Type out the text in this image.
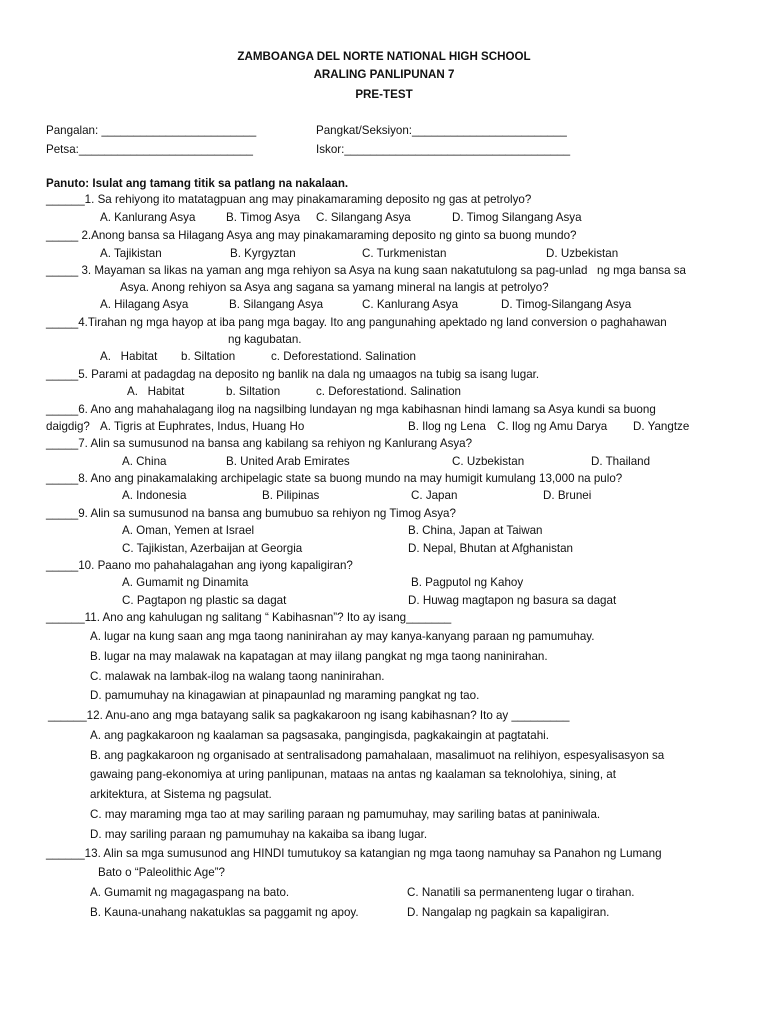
ZAMBOANGA DEL NORTE NATIONAL HIGH SCHOOL
ARALING PANLIPUNAN 7
PRE-TEST
Pangalan: ________________________	Pangkat/Seksiyon:________________________
Petsa:___________________________	Iskor:___________________________________
Panuto: Isulat ang tamang titik sa patlang na nakalaan.
______1. Sa rehiyong ito matatagpuan ang may pinakamaraming deposito ng gas at petrolyo?
A. Kanlurang Asya	B. Timog Asya C. Silangang Asya	D. Timog Silangang Asya
_____ 2.Anong bansa sa Hilagang Asya ang may pinakamaraming deposito ng ginto sa buong mundo?
A. Tajikistan	B. Kyrgyztan	C. Turkmenistan	D. Uzbekistan
_____ 3. Mayaman sa likas na yaman ang mga rehiyon sa Asya na kung saan nakatutulong sa pag-unlad   ng mga bansa sa
Asya. Anong rehiyon sa Asya ang sagana sa yamang mineral na langis at petrolyo?
A. Hilagang Asya	B. Silangang Asya	C. Kanlurang Asya	D. Timog-Silangang Asya
_____4.Tirahan ng mga hayop at iba pang mga bagay. Ito ang pangunahing apektado ng land conversion o paghahawan
ng kagubatan.
A.   Habitat b. Siltation	c. Deforestationd. Salination
_____5. Parami at padagdag na deposito ng banlik na dala ng umaagos na tubig sa isang lugar.
A.   Habitat	b. Siltation	c. Deforestationd. Salination
_____6. Ano ang mahahalagang ilog na nagsilbing lundayan ng mga kabihasnan hindi lamang sa Asya kundi sa buong
daigdig? A. Tigris at Euphrates, Indus, Huang Ho	B. Ilog ng Lena C. Ilog ng Amu Darya D. Yangtze
_____7. Alin sa sumusunod na bansa ang kabilang sa rehiyon ng Kanlurang Asya?
A. China	B. United Arab Emirates	C. Uzbekistan	D. Thailand
_____8. Ano ang pinakamalaking archipelagic state sa buong mundo na may humigit kumulang 13,000 na pulo?
A. Indonesia	B. Pilipinas	C. Japan	D. Brunei
_____9. Alin sa sumusunod na bansa ang bumubuo sa rehiyon ng Timog Asya?
A. Oman, Yemen at Israel	B. China, Japan at Taiwan
C. Tajikistan, Azerbaijan at Georgia	D. Nepal, Bhutan at Afghanistan
_____10. Paano mo pahahalagahan ang iyong kapaligiran?
A. Gumamit ng Dinamita	B. Pagputol ng Kahoy
C. Pagtapon ng plastic sa dagat	D. Huwag magtapon ng basura sa dagat
______11. Ano ang kahulugan ng salitang “ Kabihasnan”? Ito ay isang_______
A. lugar na kung saan ang mga taong naninirahan ay may kanya-kanyang paraan ng pamumuhay.
B. lugar na may malawak na kapatagan at may iilang pangkat ng mga taong naninirahan.
C. malawak na lambak-ilog na walang taong naninirahan.
D. pamumuhay na kinagawian at pinapaunlad ng maraming pangkat ng tao.
______12. Anu-ano ang mga batayang salik sa pagkakaroon ng isang kabihasnan? Ito ay _________
A. ang pagkakaroon ng kaalaman sa pagsasaka, pangingisda, pagkakaingin at pagtatahi.
B. ang pagkakaroon ng organisado at sentralisadong pamahalaan, masalimuot na relihiyon, espesyalisasyon sa
gawaing pang-ekonomiya at uring panlipunan, mataas na antas ng kaalaman sa teknolohiya, sining, at
arkitektura, at Sistema ng pagsulat.
C. may maraming mga tao at may sariling paraan ng pamumuhay, may sariling batas at paniniwala.
D. may sariling paraan ng pamumuhay na kakaiba sa ibang lugar.
______13. Alin sa mga sumusunod ang HINDI tumutukoy sa katangian ng mga taong namuhay sa Panahon ng Lumang
Bato o “Paleolithic Age”?
A. Gumamit ng magagaspang na bato.	C. Nanatili sa permanenteng lugar o tirahan.
B. Kauna-unahang nakatuklas sa paggamit ng apoy.	D. Nangalap ng pagkain sa kapaligiran.
